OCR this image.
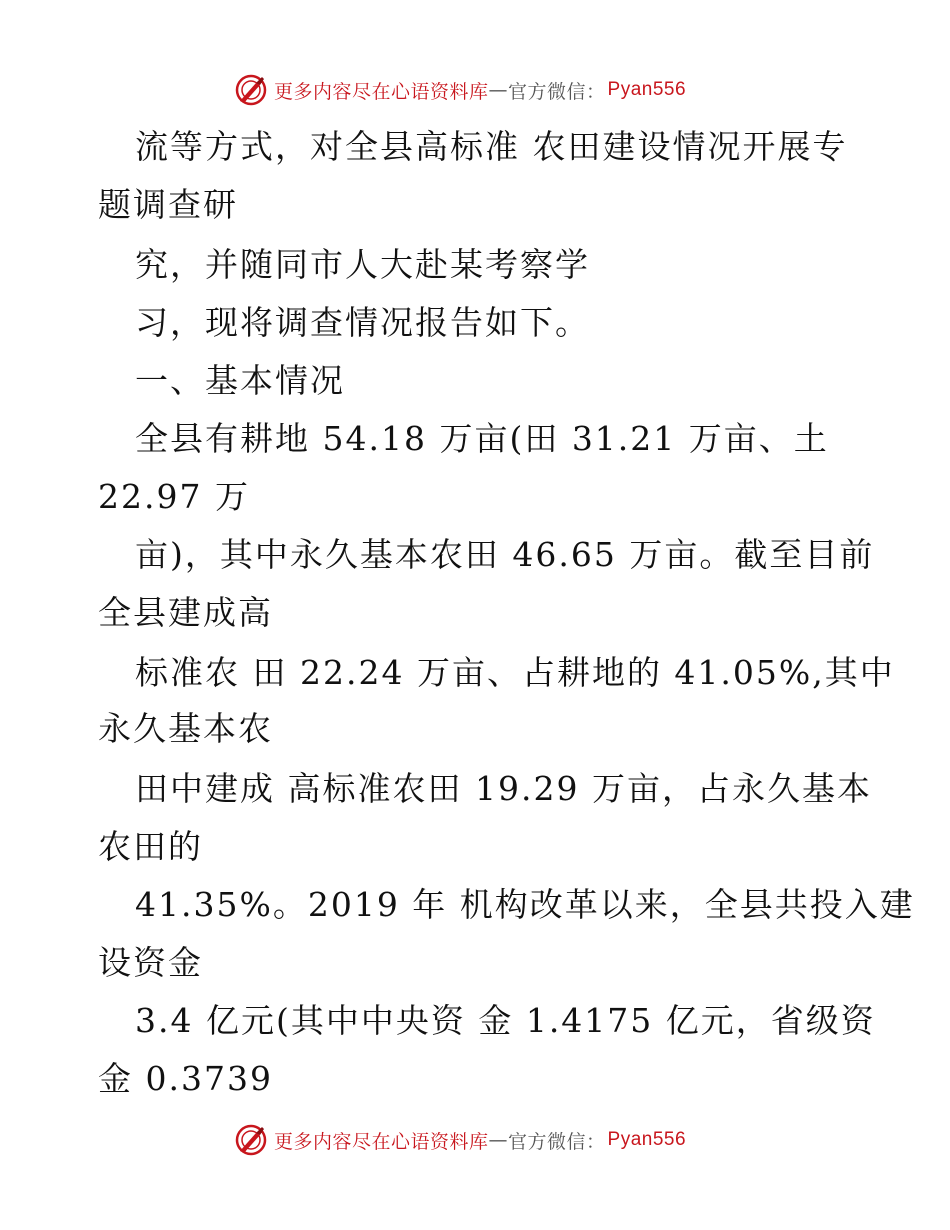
更多内容尽在心语资料库 — 官方微信： Pyan556
流等方式，对全县高标准 农田建设情况开展专
题调查研
究，并随同市人大赴某考察学
习，现将调查情况报告如下。
一、基本情况
全县有耕地 54.18 万亩(田 31.21 万亩、土
22.97 万
亩)，其中永久基本农田 46.65 万亩。截至目前
全县建成高
标准农 田 22.24 万亩、占耕地的 41.05%,其中
永久基本农
田中建成 高标准农田 19.29 万亩，占永久基本
农田的
41.35%。2019 年 机构改革以来，全县共投入建
设资金
3.4 亿元(其中中央资 金 1.4175 亿元，省级资
金 0.3739
更多内容尽在心语资料库 — 官方微信： Pyan556
